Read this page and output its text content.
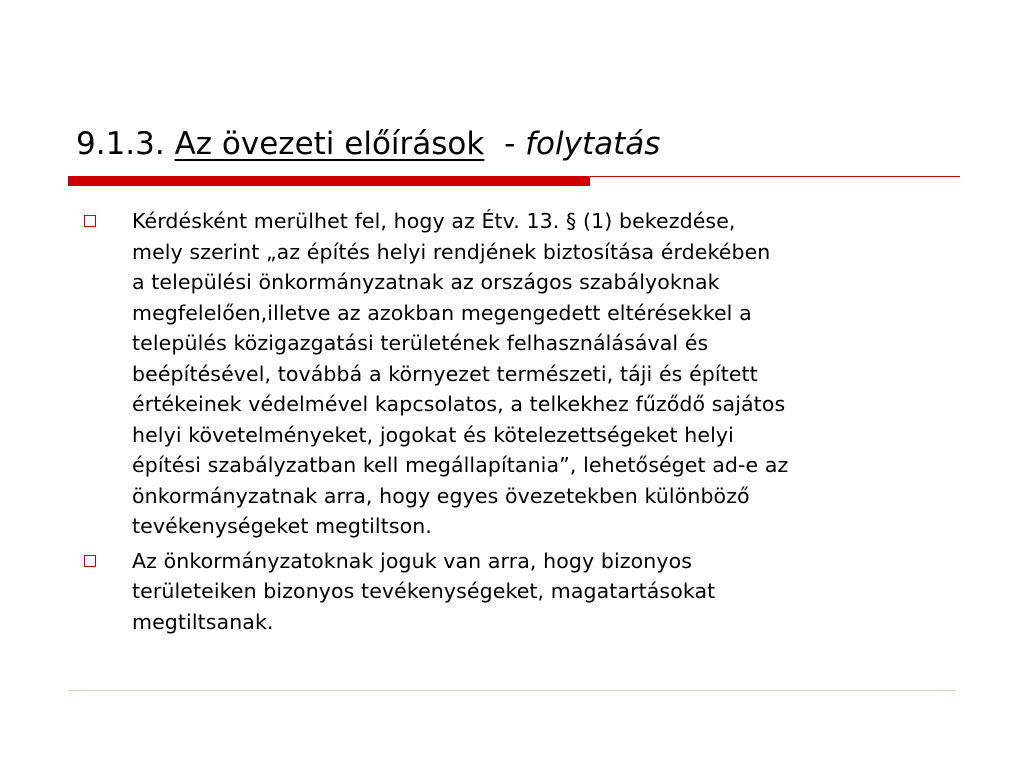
9.1.3. Az övezeti előírások - folytatás
Kérdésként merülhet fel, hogy az Étv. 13. § (1) bekezdése,
mely szerint „az építés helyi rendjének biztosítása érdekében
a települési önkormányzatnak az országos szabályoknak
megfelelően,illetve az azokban megengedett eltérésekkel a
település közigazgatási területének felhasználásával és
beépítésével, továbbá a környezet természeti, táji és épített
értékeinek védelmével kapcsolatos, a telkekhez fűződő sajátos
helyi követelményeket, jogokat és kötelezettségeket helyi
építési szabályzatban kell megállapítania”, lehetőséget ad-e az
önkormányzatnak arra, hogy egyes övezetekben különböző
tevékenységeket megtiltson.
Az önkormányzatoknak joguk van arra, hogy bizonyos
területeiken bizonyos tevékenységeket, magatartásokat
megtiltsanak.
